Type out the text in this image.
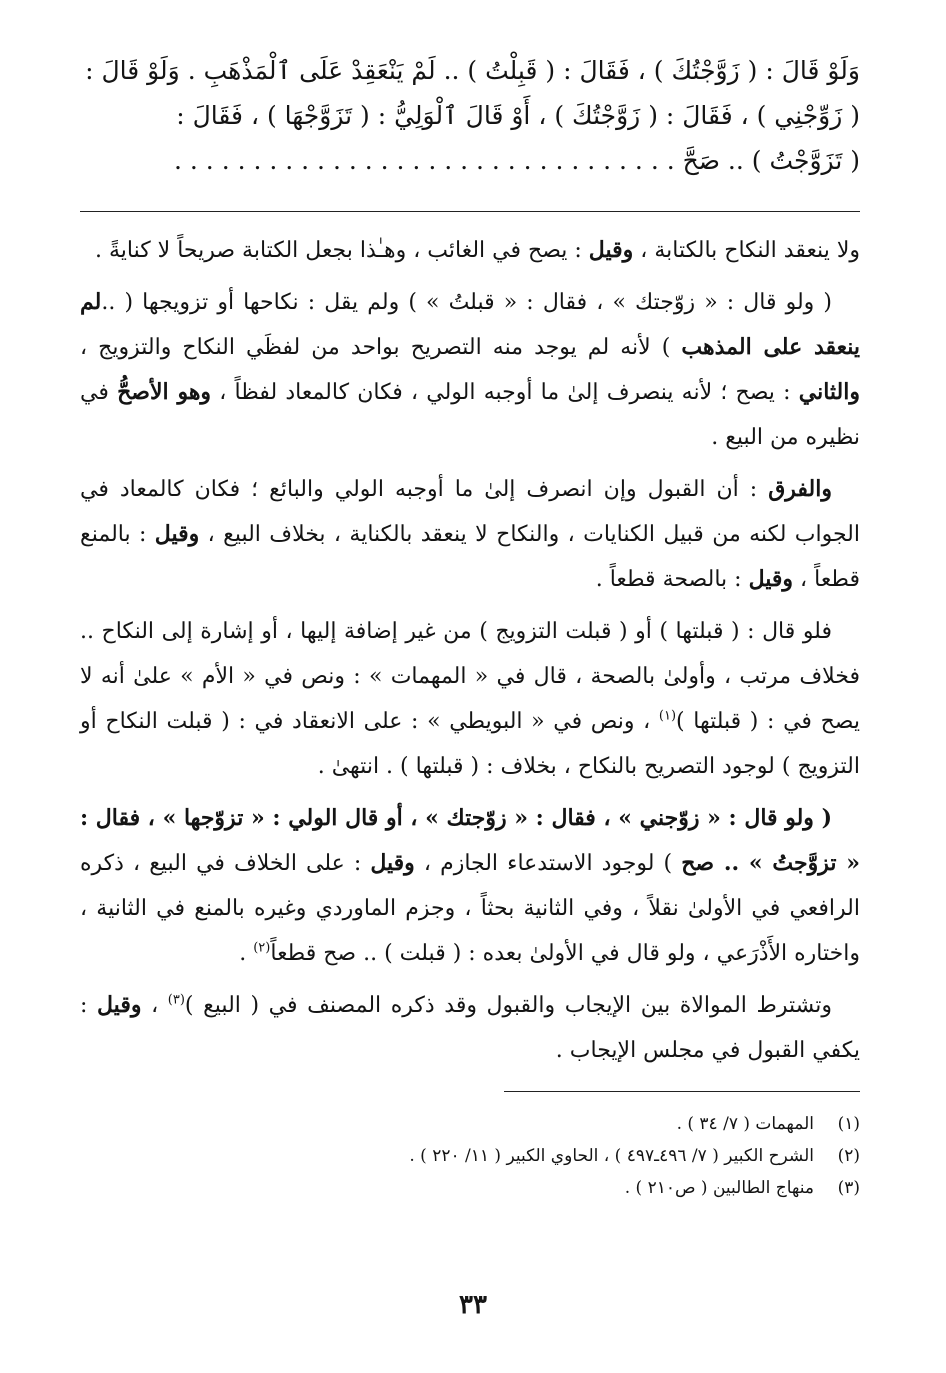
وَلَوْ قَالَ : ( زَوَّجْتُكَ ) ، فَقَالَ : ( قَبِلْتُ ) .. لَمْ يَنْعَقِدْ عَلَى ٱلْمَذْهَبِ . وَلَوْ قَالَ :
( زَوِّجْنِي ) ، فَقَالَ : ( زَوَّجْتُكَ ) ، أَوْ قَالَ ٱلْوَلِيُّ : ( تَزَوَّجْهَا ) ، فَقَالَ :
( تَزَوَّجْتُ ) .. صَحَّ . . . . . . . . . . . . . . . . . . . . . . . . . . . . . . . .

ولا ينعقد النكاح بالكتابة ، وقيل : يصح في الغائب ، وهـٰذا بجعل الكتابة صريحاً لا كنايةً .

( ولو قال : « زوّجتك » ، فقال : « قبلتُ » ) ولم يقل : نكاحها أو تزويجها ( ..لم ينعقد على المذهب ) لأنه لم يوجد منه التصريح بواحد من لفظَي النكاح والتزويج ، والثاني : يصح ؛ لأنه ينصرف إلىٰ ما أوجبه الولي ، فكان كالمعاد لفظاً ، وهو الأصحُّ في نظيره من البيع .

والفرق : أن القبول وإن انصرف إلىٰ ما أوجبه الولي والبائع ؛ فكان كالمعاد في الجواب لكنه من قبيل الكنايات ، والنكاح لا ينعقد بالكناية ، بخلاف البيع ، وقيل : بالمنع قطعاً ، وقيل : بالصحة قطعاً .

فلو قال : ( قبلتها ) أو ( قبلت التزويج ) من غير إضافة إليها ، أو إشارة إلى النكاح .. فخلاف مرتب ، وأولىٰ بالصحة ، قال في « المهمات » : ونص في « الأم » علىٰ أنه لا يصح في : ( قبلتها )$^{(١)}$ ، ونص في « البويطي » : على الانعقاد في : ( قبلت النكاح أو التزويج ) لوجود التصريح بالنكاح ، بخلاف : ( قبلتها ) . انتهىٰ .

( ولو قال : « زوّجني » ، فقال : « زوّجتك » ، أو قال الولي : « تزوّجها » ، فقال : « تزوَّجتُ » .. صح ) لوجود الاستدعاء الجازم ، وقيل : على الخلاف في البيع ، ذكره الرافعي في الأولىٰ نقلاً ، وفي الثانية بحثاً ، وجزم الماوردي وغيره بالمنع في الثانية ، واختاره الأَذْرَعي ، ولو قال في الأولىٰ بعده : ( قبلت ) .. صح قطعاً$^{(٢)}$ .

وتشترط الموالاة بين الإيجاب والقبول وقد ذكره المصنف في ( البيع )$^{(٣)}$ ، وقيل : يكفي القبول في مجلس الإيجاب .

(١)
المهمات ( ٧/ ٣٤ ) .
(٢)
الشرح الكبير ( ٧/ ٤٩٦ـ٤٩٧ ) ، الحاوي الكبير ( ١١/ ٢٢٠ ) .
(٣)
منهاج الطالبين ( ص٢١٠ ) .
٣٣
